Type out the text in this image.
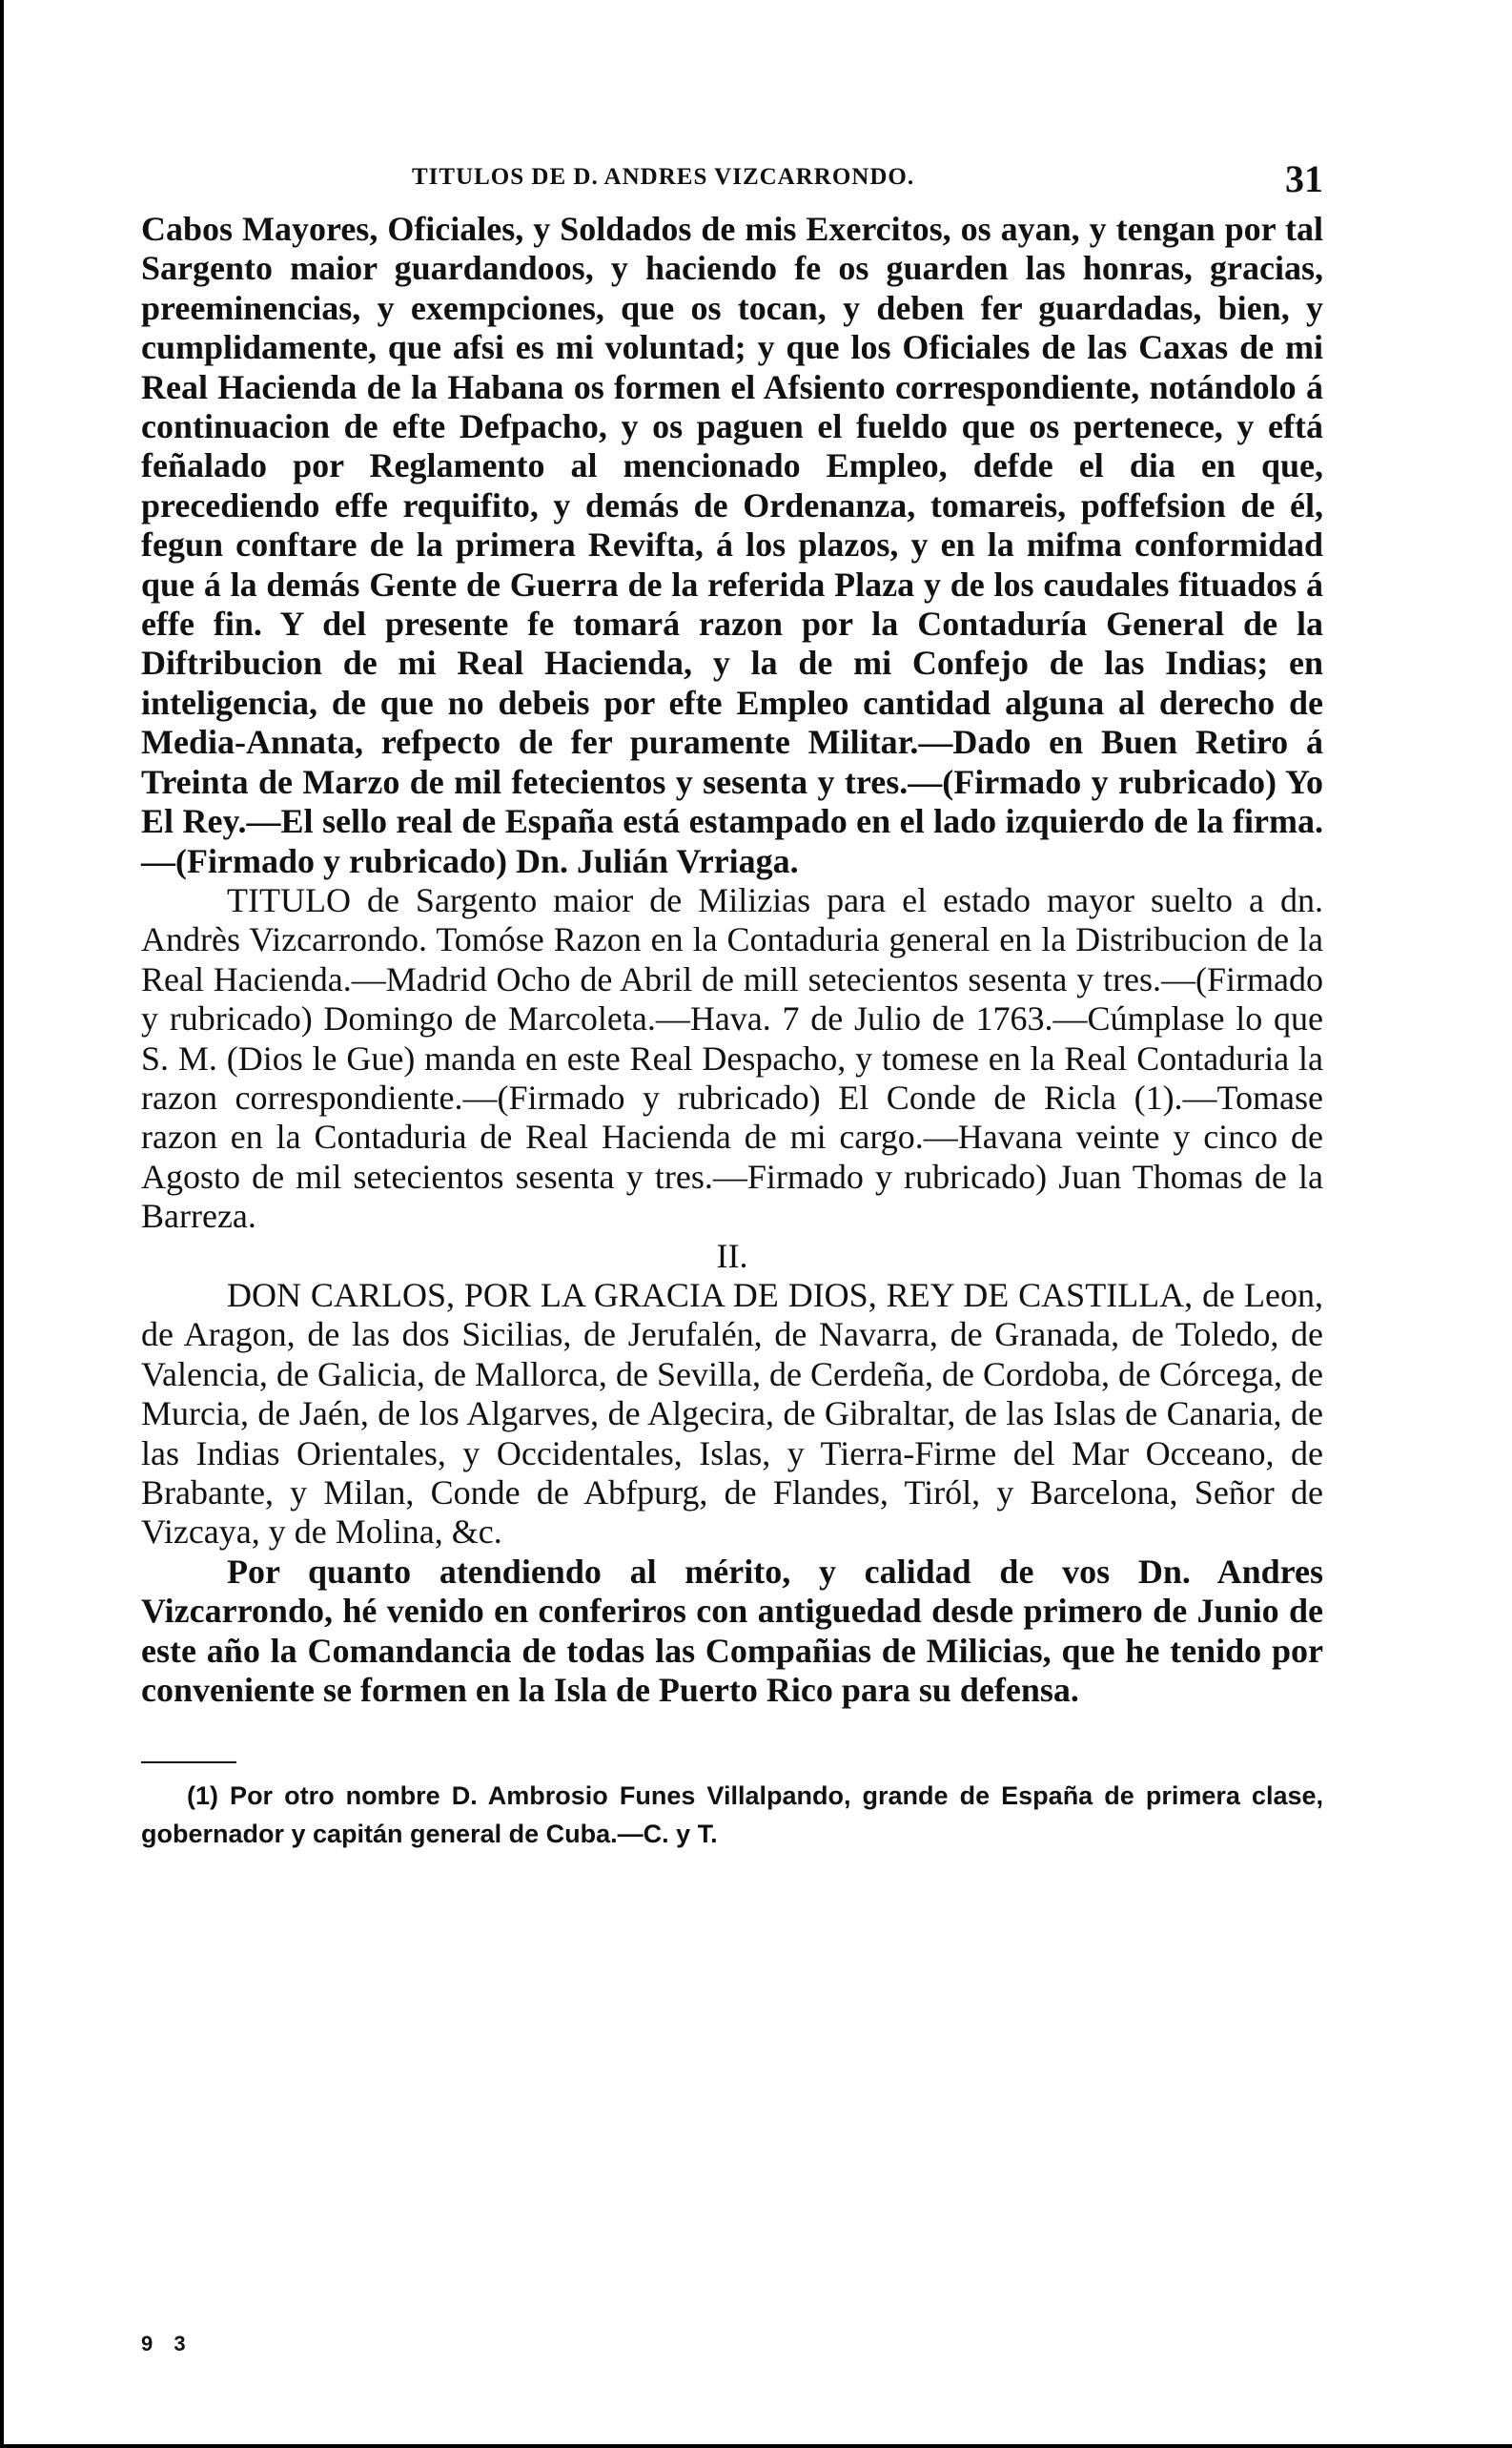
TITULOS DE D. ANDRES VIZCARRONDO.	31

Cabos Mayores, Oficiales, y Soldados de mis Exercitos, os ayan, y tengan por tal Sargento maior guardandoos, y haciendo fe os guarden las honras, gracias, preeminencias, y exempciones, que os tocan, y deben fer guardadas, bien, y cumplidamente, que afsi es mi voluntad; y que los Oficiales de las Caxas de mi Real Hacienda de la Habana os formen el Afsiento correspondiente, notándolo á continuacion de efte Defpacho, y os paguen el fueldo que os pertenece, y eftá feñalado por Reglamento al mencionado Empleo, defde el dia en que, precediendo effe requifito, y demás de Ordenanza, tomareis, poffefsion de él, fegun conftare de la primera Revifta, á los plazos, y en la mifma conformidad que á la demás Gente de Guerra de la referida Plaza y de los caudales fituados á effe fin. Y del presente fe tomará razon por la Contaduría General de la Diftribucion de mi Real Hacienda, y la de mi Confejo de las Indias; en inteligencia, de que no debeis por efte Empleo cantidad alguna al derecho de Media-Annata, refpecto de fer puramente Militar.—Dado en Buen Retiro á Treinta de Marzo de mil fetecientos y sesenta y tres.—(Firmado y rubricado) Yo El Rey.—El sello real de España está estampado en el lado izquierdo de la firma.—(Firmado y rubricado) Dn. Julián Vrriaga.

TITULO de Sargento maior de Milizias para el estado mayor suelto a dn. Andrès Vizcarrondo. Tomóse Razon en la Contaduria general en la Distribucion de la Real Hacienda.—Madrid Ocho de Abril de mill setecientos sesenta y tres.—(Firmado y rubricado) Domingo de Marcoleta.—Hava. 7 de Julio de 1763.—Cúmplase lo que S. M. (Dios le Gue) manda en este Real Despacho, y tomese en la Real Contaduria la razon correspondiente.—(Firmado y rubricado) El Conde de Ricla (1).—Tomase razon en la Contaduria de Real Hacienda de mi cargo.—Havana veinte y cinco de Agosto de mil setecientos sesenta y tres.—Firmado y rubricado) Juan Thomas de la Barreza.

II.

DON CARLOS, POR LA GRACIA DE DIOS, REY DE CASTILLA, de Leon, de Aragon, de las dos Sicilias, de Jerufalén, de Navarra, de Granada, de Toledo, de Valencia, de Galicia, de Mallorca, de Sevilla, de Cerdeña, de Cordoba, de Córcega, de Murcia, de Jaén, de los Algarves, de Algecira, de Gibraltar, de las Islas de Canaria, de las Indias Orientales, y Occidentales, Islas, y Tierra-Firme del Mar Occeano, de Brabante, y Milan, Conde de Abfpurg, de Flandes, Tiról, y Barcelona, Señor de Vizcaya, y de Molina, &c.

Por quanto atendiendo al mérito, y calidad de vos Dn. Andres Vizcarrondo, hé venido en conferiros con antiguedad desde primero de Junio de este año la Comandancia de todas las Compañias de Milicias, que he tenido por conveniente se formen en la Isla de Puerto Rico para su defensa.

(1) Por otro nombre D. Ambrosio Funes Villalpando, grande de España de primera clase, gobernador y capitán general de Cuba.—C. y T.

9 3
